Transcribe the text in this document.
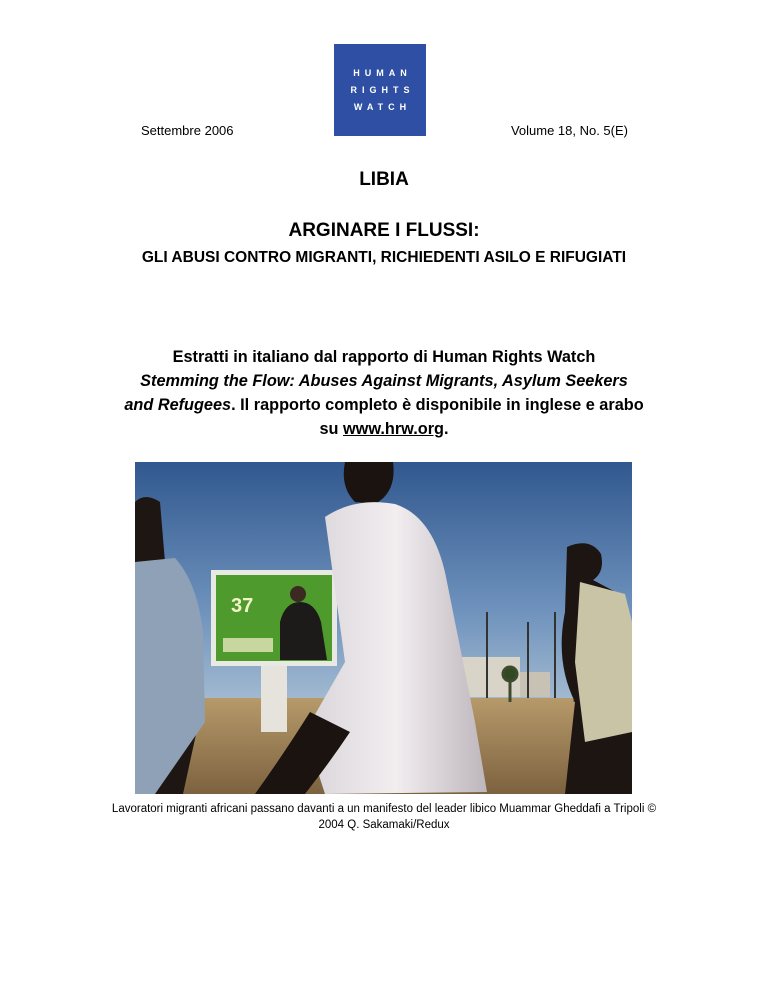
HUMAN
RIGHTS
WATCH
Settembre 2006	Volume 18, No. 5(E)
LIBIA
ARGINARE I FLUSSI:
GLI ABUSI CONTRO MIGRANTI, RICHIEDENTI ASILO E RIFUGIATI
Estratti in italiano dal rapporto di Human Rights Watch
Stemming the Flow: Abuses Against Migrants, Asylum Seekers and Refugees. Il rapporto completo è disponibile in inglese e arabo su www.hrw.org.
37
Lavoratori migranti africani passano davanti a un manifesto del leader libico Muammar Gheddafi a Tripoli © 2004 Q. Sakamaki/Redux
